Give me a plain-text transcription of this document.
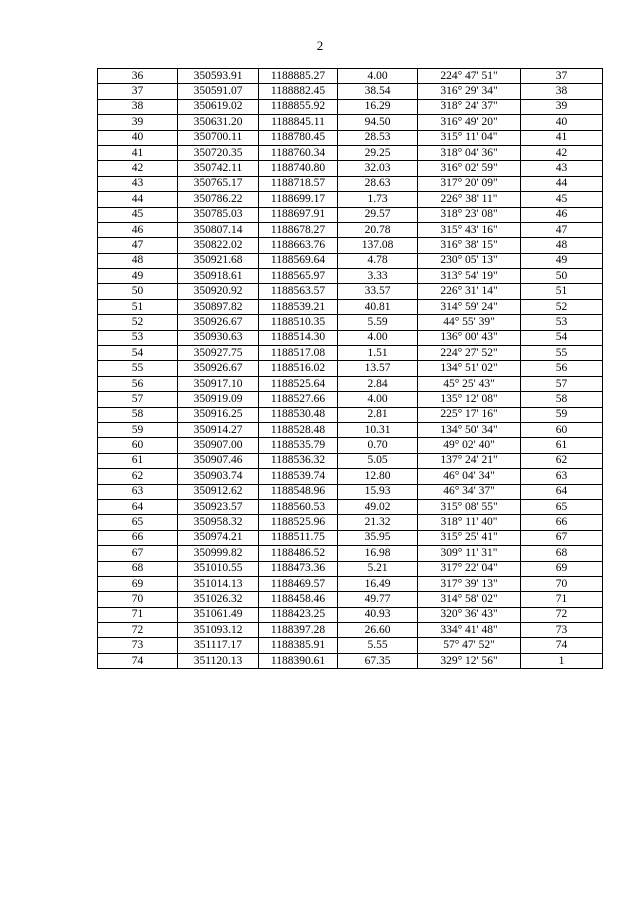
2
36	350593.91	1188885.27	4.00	224° 47' 51"	37
37	350591.07	1188882.45	38.54	316° 29' 34"	38
38	350619.02	1188855.92	16.29	318° 24' 37"	39
39	350631.20	1188845.11	94.50	316° 49' 20"	40
40	350700.11	1188780.45	28.53	315° 11' 04"	41
41	350720.35	1188760.34	29.25	318° 04' 36"	42
42	350742.11	1188740.80	32.03	316° 02' 59"	43
43	350765.17	1188718.57	28.63	317° 20' 09"	44
44	350786.22	1188699.17	1.73	226° 38' 11"	45
45	350785.03	1188697.91	29.57	318° 23' 08"	46
46	350807.14	1188678.27	20.78	315° 43' 16"	47
47	350822.02	1188663.76	137.08	316° 38' 15"	48
48	350921.68	1188569.64	4.78	230° 05' 13"	49
49	350918.61	1188565.97	3.33	313° 54' 19"	50
50	350920.92	1188563.57	33.57	226° 31' 14"	51
51	350897.82	1188539.21	40.81	314° 59' 24"	52
52	350926.67	1188510.35	5.59	44° 55' 39"	53
53	350930.63	1188514.30	4.00	136° 00' 43"	54
54	350927.75	1188517.08	1.51	224° 27' 52"	55
55	350926.67	1188516.02	13.57	134° 51' 02"	56
56	350917.10	1188525.64	2.84	45° 25' 43"	57
57	350919.09	1188527.66	4.00	135° 12' 08"	58
58	350916.25	1188530.48	2.81	225° 17' 16"	59
59	350914.27	1188528.48	10.31	134° 50' 34"	60
60	350907.00	1188535.79	0.70	49° 02' 40"	61
61	350907.46	1188536.32	5.05	137° 24' 21"	62
62	350903.74	1188539.74	12.80	46° 04' 34"	63
63	350912.62	1188548.96	15.93	46° 34' 37"	64
64	350923.57	1188560.53	49.02	315° 08' 55"	65
65	350958.32	1188525.96	21.32	318° 11' 40"	66
66	350974.21	1188511.75	35.95	315° 25' 41"	67
67	350999.82	1188486.52	16.98	309° 11' 31"	68
68	351010.55	1188473.36	5.21	317° 22' 04"	69
69	351014.13	1188469.57	16.49	317° 39' 13"	70
70	351026.32	1188458.46	49.77	314° 58' 02"	71
71	351061.49	1188423.25	40.93	320° 36' 43"	72
72	351093.12	1188397.28	26.60	334° 41' 48"	73
73	351117.17	1188385.91	5.55	57° 47' 52"	74
74	351120.13	1188390.61	67.35	329° 12' 56"	1
